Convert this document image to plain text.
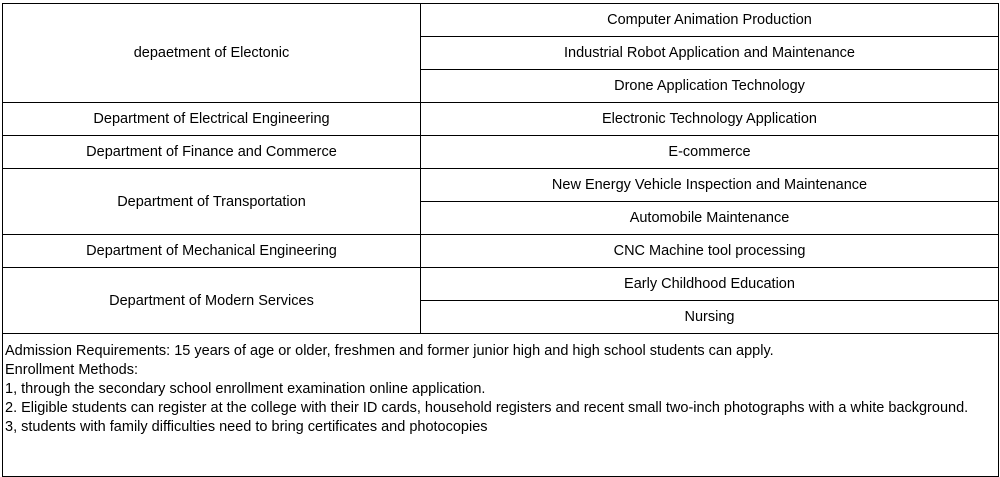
depaetment of Electonic	Computer Animation Production
	Industrial Robot Application and Maintenance
	Drone Application Technology
Department of Electrical Engineering	Electronic Technology Application
Department of Finance and Commerce	E-commerce
Department of Transportation	New Energy Vehicle Inspection and Maintenance
	Automobile Maintenance
Department of Mechanical Engineering	CNC Machine tool processing
Department of Modern Services	Early Childhood Education
	Nursing

Admission Requirements: 15 years of age or older, freshmen and former junior high and high school students can apply.
Enrollment Methods:
1, through the secondary school enrollment examination online application.
2. Eligible students can register at the college with their ID cards, household registers and recent small two-inch photographs with a white background.
3, students with family difficulties need to bring certificates and photocopies	
